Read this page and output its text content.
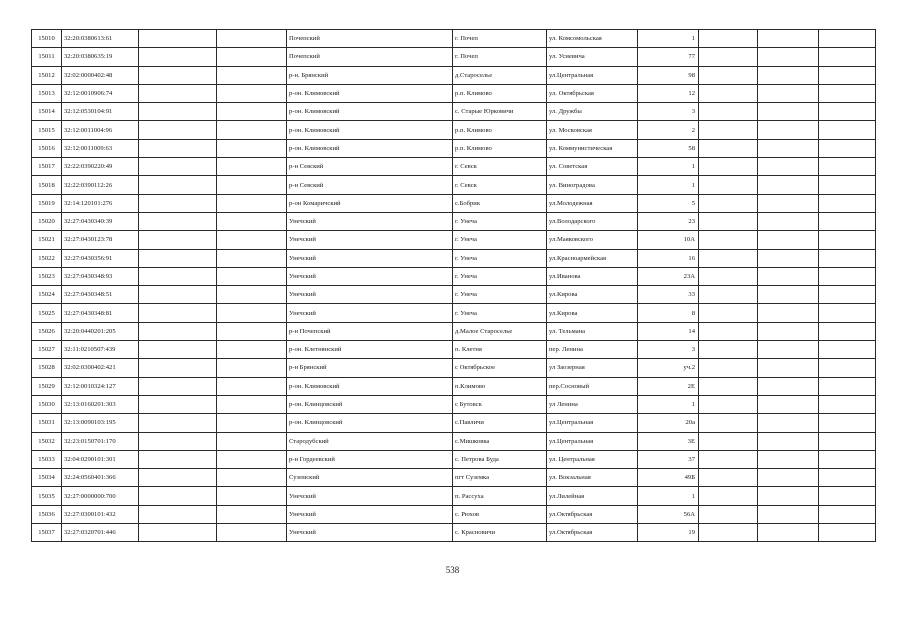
15010	32:20:0380613:61			Почепский	г. Почеп	ул. Комсомольская	1			
15011	32:20:0380635:19			Почепский	г. Почеп	ул. Усиевича	77			
15012	32:02:0000402:48			р-н. Брянский	д.Староселье	ул.Центральная	98			
15013	32:12:0010906:74			р-он. Климовский	р.п. Климово	ул. Октябрьская	12			
15014	32:12:0530104:91			р-он. Климовский	с. Старые Юрковичи	ул. Дружбы	3			
15015	32:12:0011004:96			р-он. Климовский	р.п. Климово	ул. Московская	2			
15016	32:12:0011009:63			р-он. Климовский	р.п. Климово	ул. Коммунистическая	58			
15017	32:22:0390220:49			р-н Севский	г. Севск	ул. Советская	1			
15018	32:22:0390112:26			р-н Севский	г. Севск	ул. Виноградова	1			
15019	32:14:120101:276			р-он Комаричский	с.Бобрик	ул.Молодежная	5			
15020	32:27:0430340:39			Унечский	г. Унеча	ул.Володарского	23			
15021	32:27:0430123:78			Унечский	г. Унеча	ул.Маяковского	10А			
15022	32:27:0430356:91			Унечский	г. Унеча	ул.Красноармейская	16			
15023	32:27:0430348:93			Унечский	г. Унеча	ул.Иванова	23А			
15024	32:27:0430348:51			Унечский	г. Унеча	ул.Кирова	33			
15025	32:27:0430348:81			Унечский	г. Унеча	ул.Кирова	8			
15026	32:20:0440201:205			р-н Почепский	д.Малое Староселье	ул. Тельмана	14			
15027	32:11:0210507:439			р-он. Клетнянский	п. Клетня	пер. Ленина	3			
15028	32:02:0300402:421			р-н Брянский	с Октябрьское	ул Заозерная	уч.2			
15029	32:12:0010324:127			р-он. Климовский	п.Климово	пер.Сосновый	2Е			
15030	32:13:0160201:303			р-он. Клинцовский	с Бутовск	ул Ленина	1			
15031	32:13:0090103:195			р-он. Клинцовский	с.Павличи	ул.Центральная	20а			
15032	32:23:0150701:170			Стародубский	с.Мишковка	ул.Центральная	3Е			
15033	32:04:0290101:301			р-н Гордеевский	с. Петрова Буда	ул. Центральная	37			
15034	32:24:0560401:366			Суземский	пгт Суземка	ул. Вокзальная	49Б			
15035	32:27:0000000:700			Унечский	п. Рассуха	ул.Лилейная	1			
15036	32:27:0300101:432			Унечский	с. Рюхов	ул.Октябрьская	56А			
15037	32:27:0320701:446			Унечский	с. Красновичи	ул.Октябрьская	19			
538
